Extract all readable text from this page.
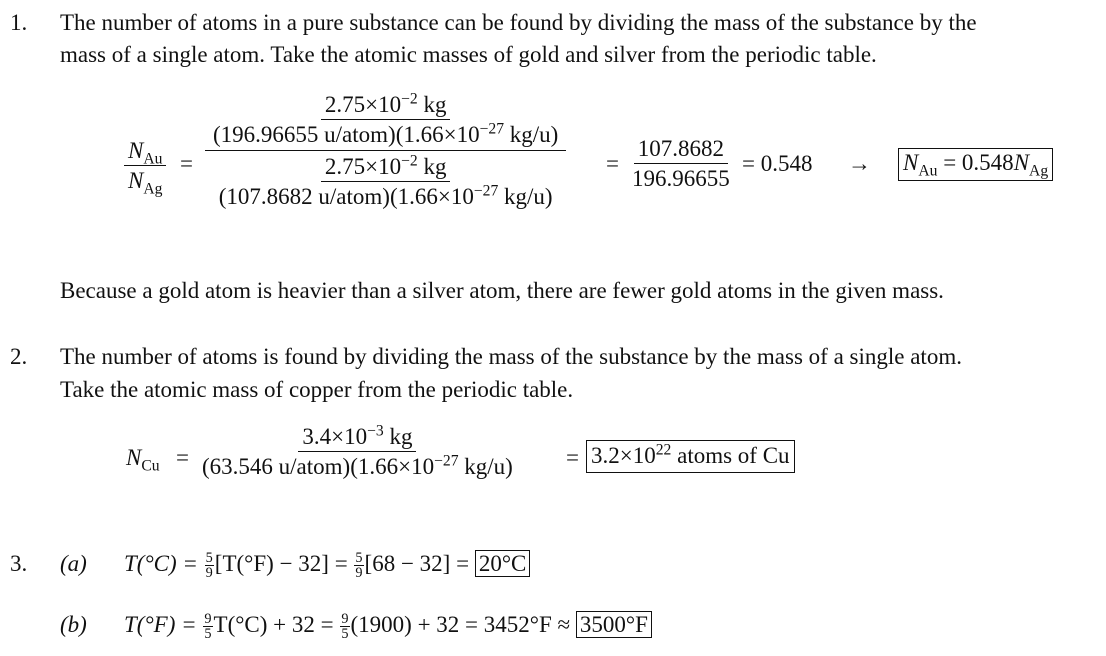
1. The number of atoms in a pure substance can be found by dividing the mass of the substance by the
mass of a single atom. Take the atomic masses of gold and silver from the periodic table.
$N_{Au}$
$N_{Ag}$
=
$\frac{2.75\times 10^{-2} kg}{(196.96655 u/atom)(1.66\times 10^{-27} kg/u)}$
$\frac{2.75\times 10^{-2} kg}{(107.8682 u/atom)(1.66\times 10^{-27} kg/u)} = \frac{107.8682}{196.96655} = 0.548 \to N_{Au} = 0.548N_{Ag}$
Because a gold atom is heavier than a silver atom, there are fewer gold atoms in the given mass.
2. The number of atoms is found by dividing the mass of the substance by the mass of a single atom.
Take the atomic mass of copper from the periodic table.
$N_{Cu}$ =
$3.4\times 10^{-3}$ kg
(63.546 $u/atom)(1.66\times 10^{-27}$ $kg/u) = 3.2\times 10^{22}$ atoms of Cu
3. (a) $T(^\circ C) = \frac{5}{9} [T(^\circ F) - 32] = \frac{5}{9} [68 - 32] = 20^\circ C$
(b) $T(^\circ F) = \frac{9}{5} T(^\circ C) + 32 = \frac{9}{5} (1900) + 32 = 3452^\circ F \approx 3500^\circ F$
